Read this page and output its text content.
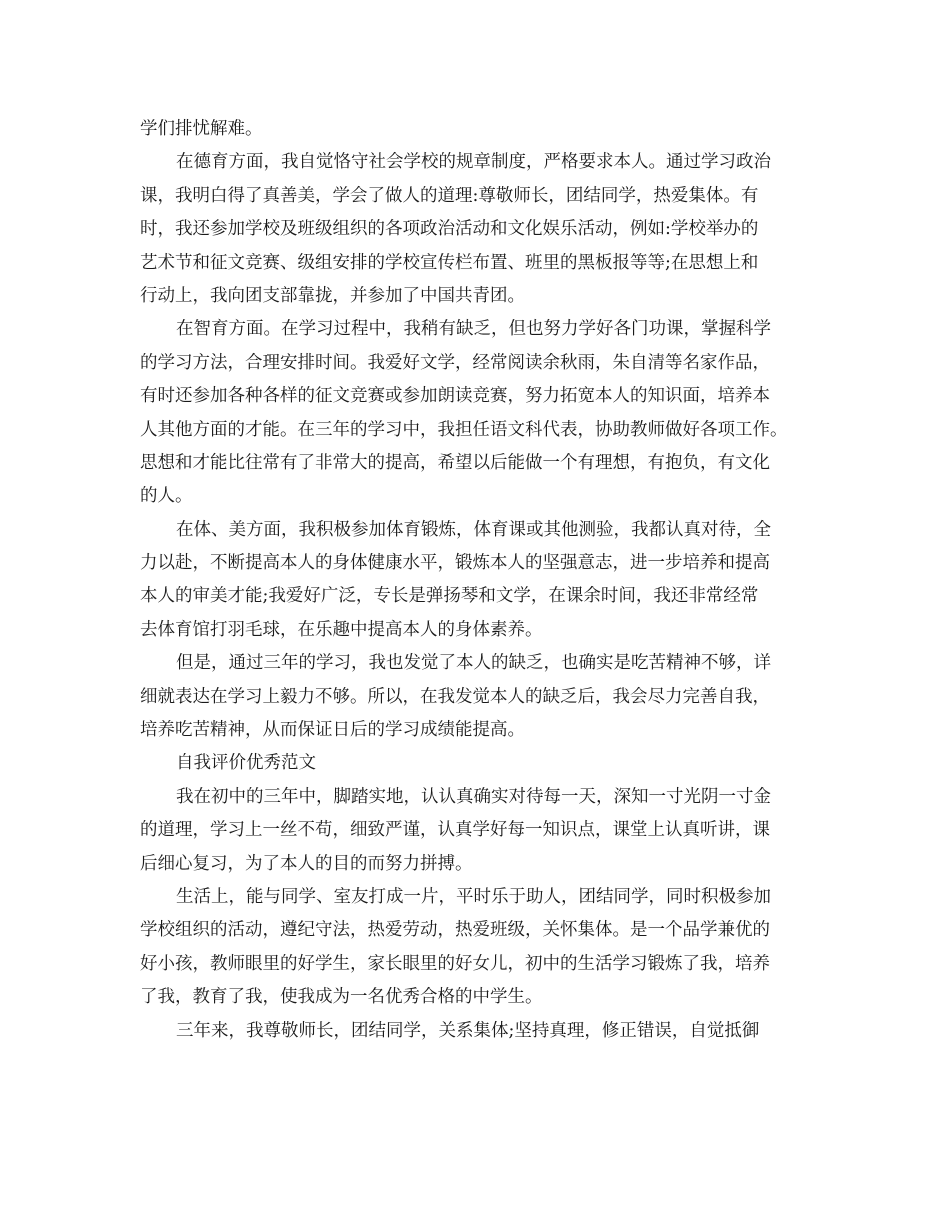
学们排忧解难。
在德育方面，我自觉恪守社会学校的规章制度，严格要求本人。通过学习政治
课，我明白得了真善美，学会了做人的道理:尊敬师长，团结同学，热爱集体。有
时，我还参加学校及班级组织的各项政治活动和文化娱乐活动，例如:学校举办的
艺术节和征文竞赛、级组安排的学校宣传栏布置、班里的黑板报等等;在思想上和
行动上，我向团支部靠拢，并参加了中国共青团。
在智育方面。在学习过程中，我稍有缺乏，但也努力学好各门功课，掌握科学
的学习方法，合理安排时间。我爱好文学，经常阅读余秋雨，朱自清等名家作品，
有时还参加各种各样的征文竞赛或参加朗读竞赛，努力拓宽本人的知识面，培养本
人其他方面的才能。在三年的学习中，我担任语文科代表，协助教师做好各项工作。
思想和才能比往常有了非常大的提高，希望以后能做一个有理想，有抱负，有文化
的人。
在体、美方面，我积极参加体育锻炼，体育课或其他测验，我都认真对待，全
力以赴，不断提高本人的身体健康水平，锻炼本人的坚强意志，进一步培养和提高
本人的审美才能;我爱好广泛，专长是弹扬琴和文学，在课余时间，我还非常经常
去体育馆打羽毛球，在乐趣中提高本人的身体素养。
但是，通过三年的学习，我也发觉了本人的缺乏，也确实是吃苦精神不够，详
细就表达在学习上毅力不够。所以，在我发觉本人的缺乏后，我会尽力完善自我，
培养吃苦精神，从而保证日后的学习成绩能提高。
自我评价优秀范文
我在初中的三年中，脚踏实地，认认真确实对待每一天，深知一寸光阴一寸金
的道理，学习上一丝不苟，细致严谨，认真学好每一知识点，课堂上认真听讲，课
后细心复习，为了本人的目的而努力拼搏。
生活上，能与同学、室友打成一片，平时乐于助人，团结同学，同时积极参加
学校组织的活动，遵纪守法，热爱劳动，热爱班级，关怀集体。是一个品学兼优的
好小孩，教师眼里的好学生，家长眼里的好女儿，初中的生活学习锻炼了我，培养
了我，教育了我，使我成为一名优秀合格的中学生。
三年来，我尊敬师长，团结同学，关系集体;坚持真理，修正错误，自觉抵御
